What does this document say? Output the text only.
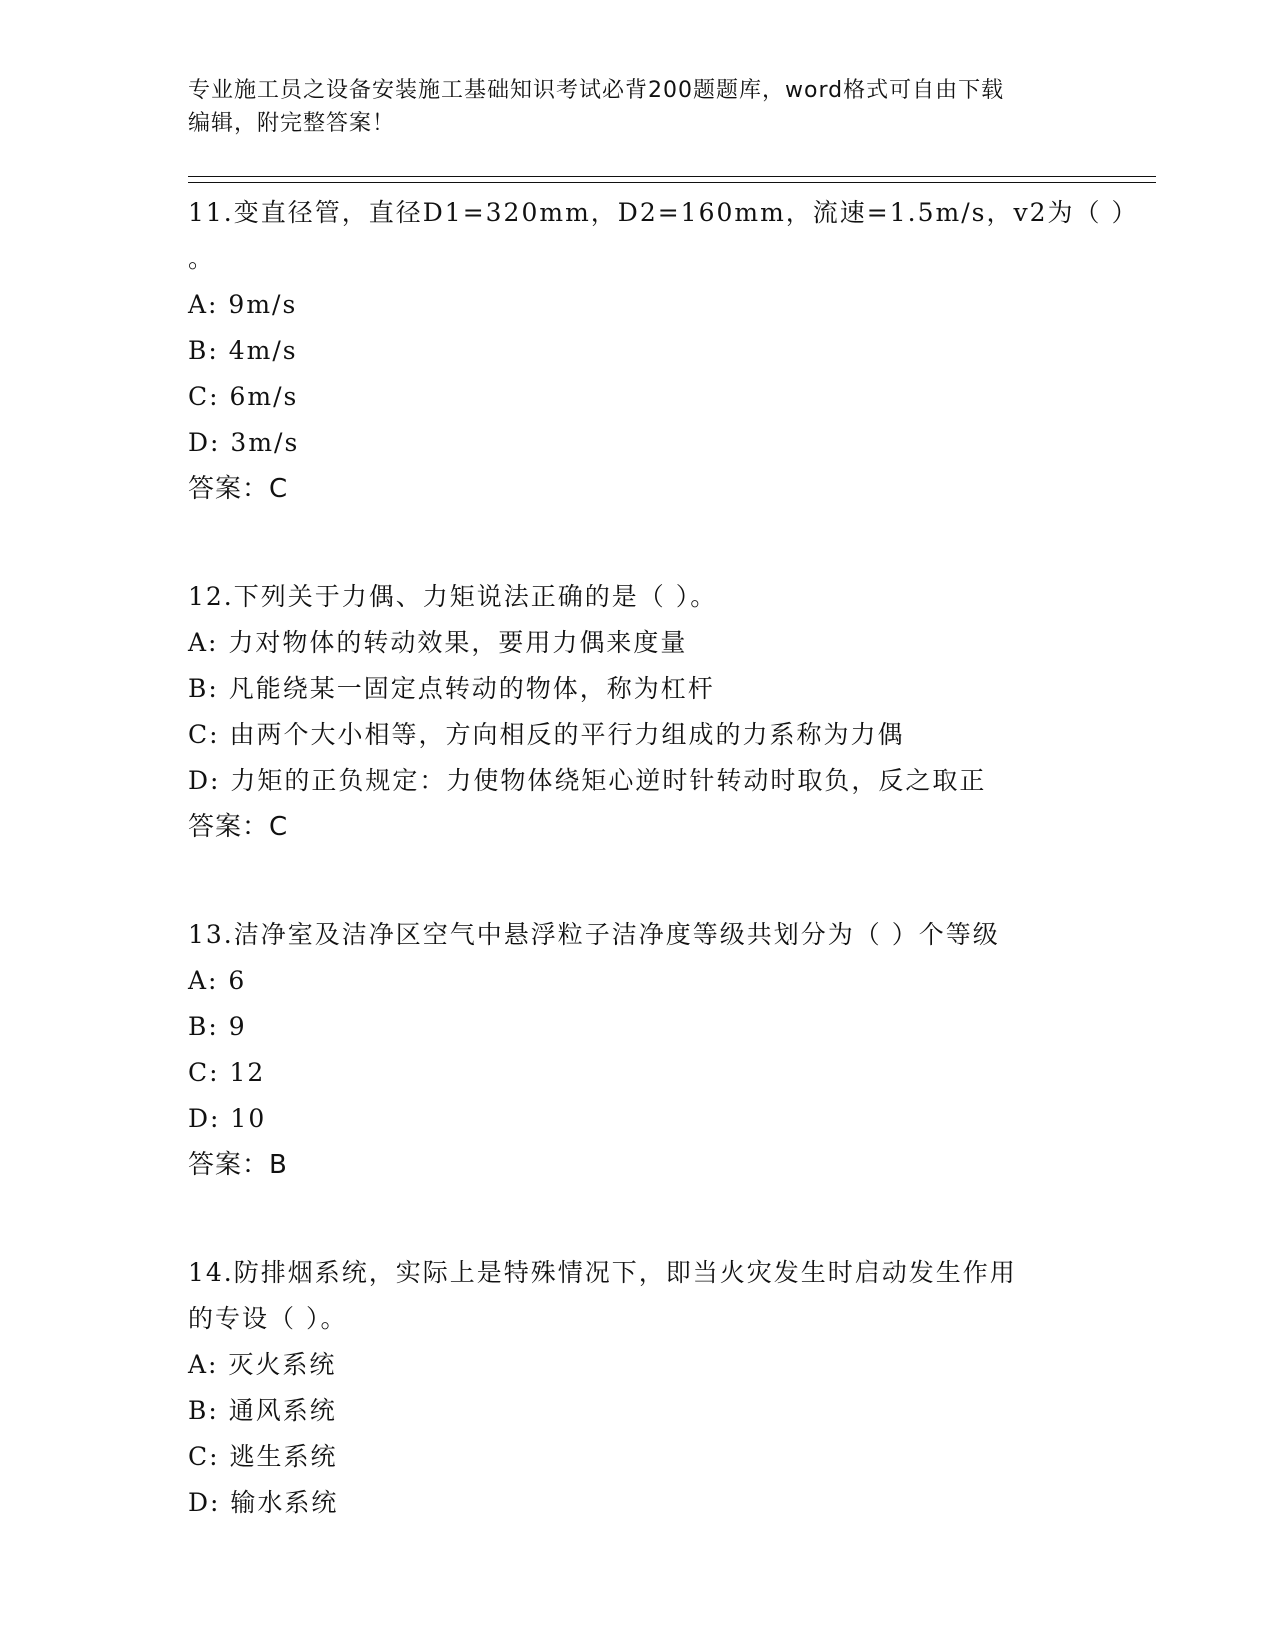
专业施工员之设备安装施工基础知识考试必背200题题库，word格式可自由下载
编辑，附完整答案！
11.变直径管，直径D1=320mm，D2=160mm，流速=1.5m/s，v2为（ ）
。
A: 9m/s
B: 4m/s
C: 6m/s
D: 3m/s
答案：C
12.下列关于力偶、力矩说法正确的是（ ）。
A: 力对物体的转动效果，要用力偶来度量
B: 凡能绕某一固定点转动的物体，称为杠杆
C: 由两个大小相等，方向相反的平行力组成的力系称为力偶
D: 力矩的正负规定：力使物体绕矩心逆时针转动时取负，反之取正
答案：C
13.洁净室及洁净区空气中悬浮粒子洁净度等级共划分为（ ）个等级
A: 6
B: 9
C: 12
D: 10
答案：B
14.防排烟系统，实际上是特殊情况下，即当火灾发生时启动发生作用
的专设（ ）。
A: 灭火系统
B: 通风系统
C: 逃生系统
D: 输水系统
